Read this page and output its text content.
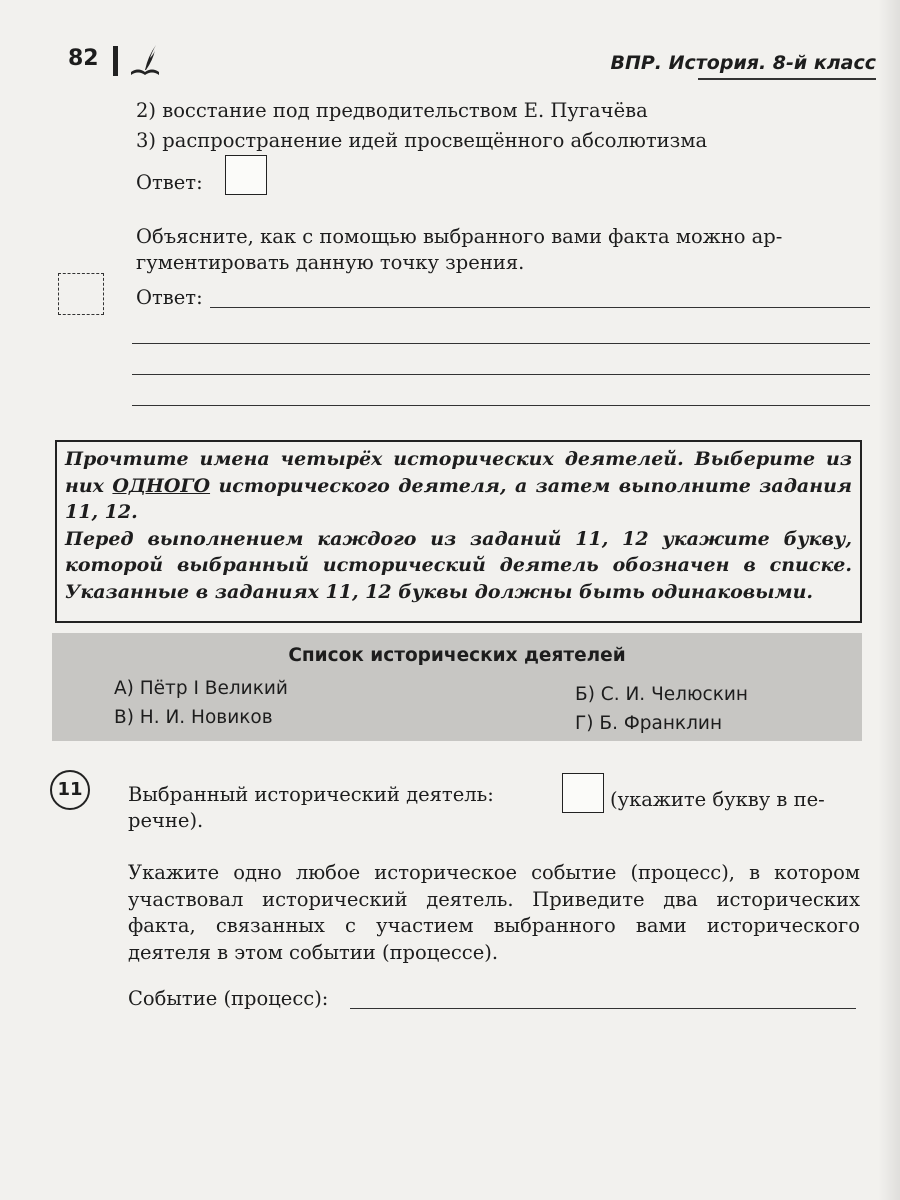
82	ВПР. История. 8-й класс
2) восстание под предводительством Е. Пугачёва
3) распространение идей просвещённого абсолютизма
Ответ:
Объясните, как с помощью выбранного вами факта можно ар-
гументировать данную точку зрения.
Ответ:

Прочтите имена четырёх исторических деятелей. Выберите из них ОДНОГО исторического деятеля, а затем выполните задания 11, 12.

Перед выполнением каждого из заданий 11, 12 укажите букву, которой выбранный исторический деятель обозначен в списке. Указанные в заданиях 11, 12 буквы должны быть одинаковыми.

Список исторических деятелей
А) Пётр I Великий	Б) С. И. Челюскин
В) Н. И. Новиков	Г) Б. Франклин
11	Выбранный исторический деятель:	(укажите букву в пе-
речне).

Укажите одно любое историческое событие (процесс), в котором участвовал исторический деятель. Приведите два исторических факта, связанных с участием выбранного вами исторического деятеля в этом событии (процессе).

Событие (процесс):
